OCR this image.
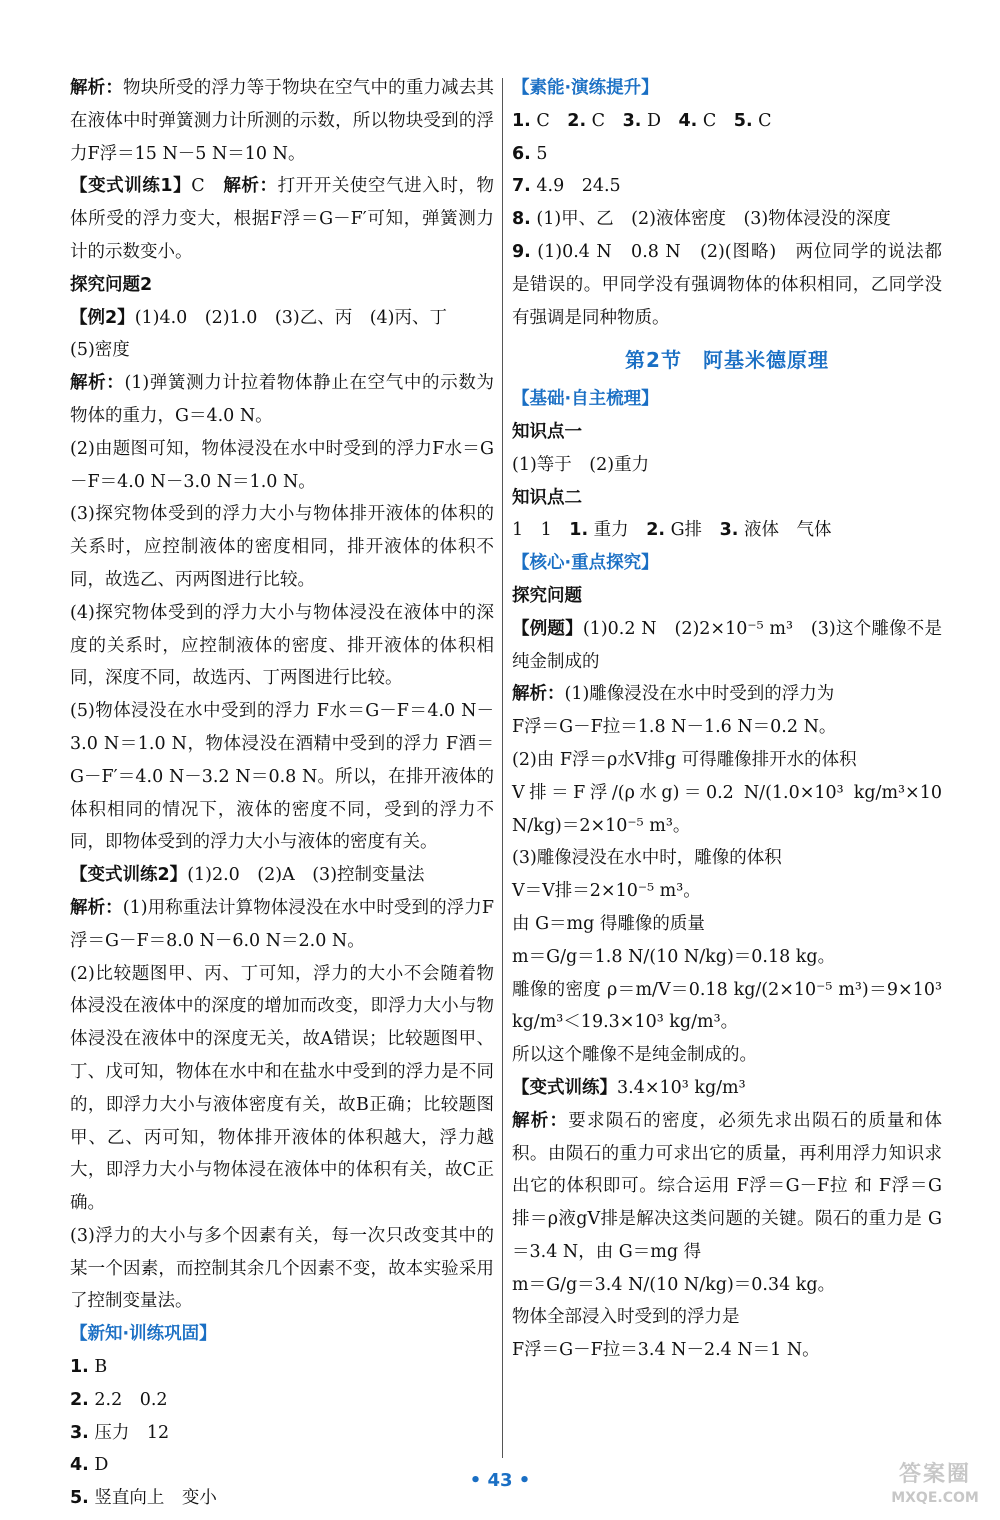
解析：物块所受的浮力等于物块在空气中的重力减去其在液体中时弹簧测力计所测的示数，所以物块受到的浮力F浮＝15 N－5 N＝10 N。

【变式训练1】C　解析：打开开关使空气进入时，物体所受的浮力变大，根据F浮＝G－F′可知，弹簧测力计的示数变小。

探究问题2

【例2】(1)4.0　(2)1.0　(3)乙、丙　(4)丙、丁

(5)密度

解析：(1)弹簧测力计拉着物体静止在空气中的示数为物体的重力，G＝4.0 N。

(2)由题图可知，物体浸没在水中时受到的浮力F水＝G－F＝4.0 N－3.0 N＝1.0 N。

(3)探究物体受到的浮力大小与物体排开液体的体积的关系时，应控制液体的密度相同，排开液体的体积不同，故选乙、丙两图进行比较。

(4)探究物体受到的浮力大小与物体浸没在液体中的深度的关系时，应控制液体的密度、排开液体的体积相同，深度不同，故选丙、丁两图进行比较。

(5)物体浸没在水中受到的浮力 F水＝G－F＝4.0 N－3.0 N＝1.0 N，物体浸没在酒精中受到的浮力 F酒＝G－F′＝4.0 N－3.2 N＝0.8 N。所以，在排开液体的体积相同的情况下，液体的密度不同，受到的浮力不同，即物体受到的浮力大小与液体的密度有关。

【变式训练2】(1)2.0　(2)A　(3)控制变量法

解析：(1)用称重法计算物体浸没在水中时受到的浮力F浮＝G－F＝8.0 N－6.0 N＝2.0 N。

(2)比较题图甲、丙、丁可知，浮力的大小不会随着物体浸没在液体中的深度的增加而改变，即浮力大小与物体浸没在液体中的深度无关，故A错误；比较题图甲、丁、戊可知，物体在水中和在盐水中受到的浮力是不同的，即浮力大小与液体密度有关，故B正确；比较题图甲、乙、丙可知，物体排开液体的体积越大，浮力越大，即浮力大小与物体浸在液体中的体积有关，故C正确。

(3)浮力的大小与多个因素有关，每一次只改变其中的某一个因素，而控制其余几个因素不变，故本实验采用了控制变量法。

【新知·训练巩固】

1. B

2. 2.2　0.2

3. 压力　12

4. D

5. 竖直向上　变小

【素能·演练提升】

1. C　2. C　3. D　4. C　5. C

6. 5

7. 4.9　24.5

8. (1)甲、乙　(2)液体密度　(3)物体浸没的深度

9. (1)0.4 N　0.8 N　(2)(图略)　两位同学的说法都是错误的。甲同学没有强调物体的体积相同，乙同学没有强调是同种物质。

第2节　阿基米德原理

【基础·自主梳理】

知识点一

(1)等于　(2)重力

知识点二

1　1　1. 重力　2. G排　3. 液体　气体

【核心·重点探究】

探究问题

【例题】(1)0.2 N　(2)2×10⁻⁵ m³　(3)这个雕像不是纯金制成的

解析：(1)雕像浸没在水中时受到的浮力为

F浮＝G－F拉＝1.8 N－1.6 N＝0.2 N。

(2)由 F浮＝ρ水V排g 可得雕像排开水的体积

V排＝F浮/(ρ水g)＝0.2 N/(1.0×10³ kg/m³×10 N/kg)＝2×10⁻⁵ m³。

(3)雕像浸没在水中时，雕像的体积

V＝V排＝2×10⁻⁵ m³。

由 G＝mg 得雕像的质量

m＝G/g＝1.8 N/(10 N/kg)＝0.18 kg。

雕像的密度 ρ＝m/V＝0.18 kg/(2×10⁻⁵ m³)＝9×10³ kg/m³＜19.3×10³ kg/m³。

所以这个雕像不是纯金制成的。

【变式训练】3.4×10³ kg/m³

解析：要求陨石的密度，必须先求出陨石的质量和体积。由陨石的重力可求出它的质量，再利用浮力知识求出它的体积即可。综合运用 F浮＝G－F拉 和 F浮＝G排＝ρ液gV排是解决这类问题的关键。陨石的重力是 G＝3.4 N，由 G＝mg 得

m＝G/g＝3.4 N/(10 N/kg)＝0.34 kg。

物体全部浸入时受到的浮力是

F浮＝G－F拉＝3.4 N－2.4 N＝1 N。

• 43 •	答案圈
MXQE.COM
